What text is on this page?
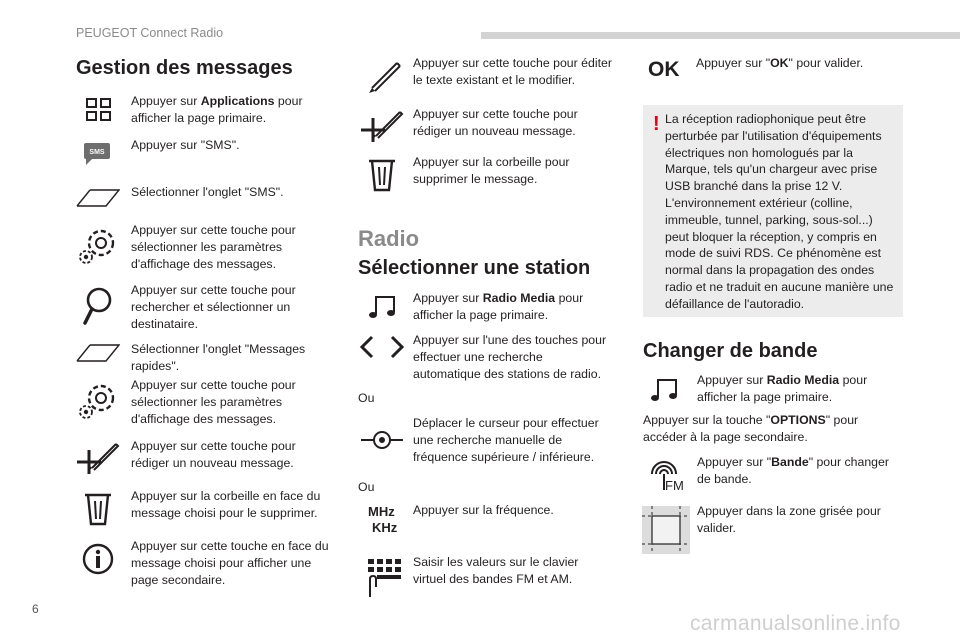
PEUGEOT Connect Radio
6
carmanualsonline.info
Gestion des messages
Appuyer sur Applications pour afficher la page primaire.
SMS
Appuyer sur "SMS".
Sélectionner l'onglet "SMS".
Appuyer sur cette touche pour sélectionner les paramètres d'affichage des messages.
Appuyer sur cette touche pour rechercher et sélectionner un destinataire.
Sélectionner l'onglet "Messages rapides".
Appuyer sur cette touche pour sélectionner les paramètres d'affichage des messages.
Appuyer sur cette touche pour rédiger un nouveau message.
Appuyer sur la corbeille en face du message choisi pour le supprimer.
Appuyer sur cette touche en face du message choisi pour afficher une page secondaire.
Appuyer sur cette touche pour éditer le texte existant et le modifier.
Appuyer sur cette touche pour rédiger un nouveau message.
Appuyer sur la corbeille pour supprimer le message.
Radio
Sélectionner une station
Appuyer sur Radio Media pour afficher la page primaire.
Appuyer sur l'une des touches pour effectuer une recherche automatique des stations de radio.
Ou
Déplacer le curseur pour effectuer une recherche manuelle de fréquence supérieure / inférieure.
Ou
MHz
KHz
Appuyer sur la fréquence.
Saisir les valeurs sur le clavier virtuel des bandes FM et AM.
OK Appuyer sur "OK" pour valider.
! La réception radiophonique peut être perturbée par l'utilisation d'équipements électriques non homologués par la Marque, tels qu'un chargeur avec prise USB branché dans la prise 12 V. L'environnement extérieur (colline, immeuble, tunnel, parking, sous-sol...) peut bloquer la réception, y compris en mode de suivi RDS. Ce phénomène est normal dans la propagation des ondes radio et ne traduit en aucune manière une défaillance de l'autoradio.
Changer de bande
Appuyer sur Radio Media pour afficher la page primaire.
Appuyer sur la touche "OPTIONS" pour accéder à la page secondaire.
FM
Appuyer sur "Bande" pour changer de bande.
Appuyer dans la zone grisée pour valider.
